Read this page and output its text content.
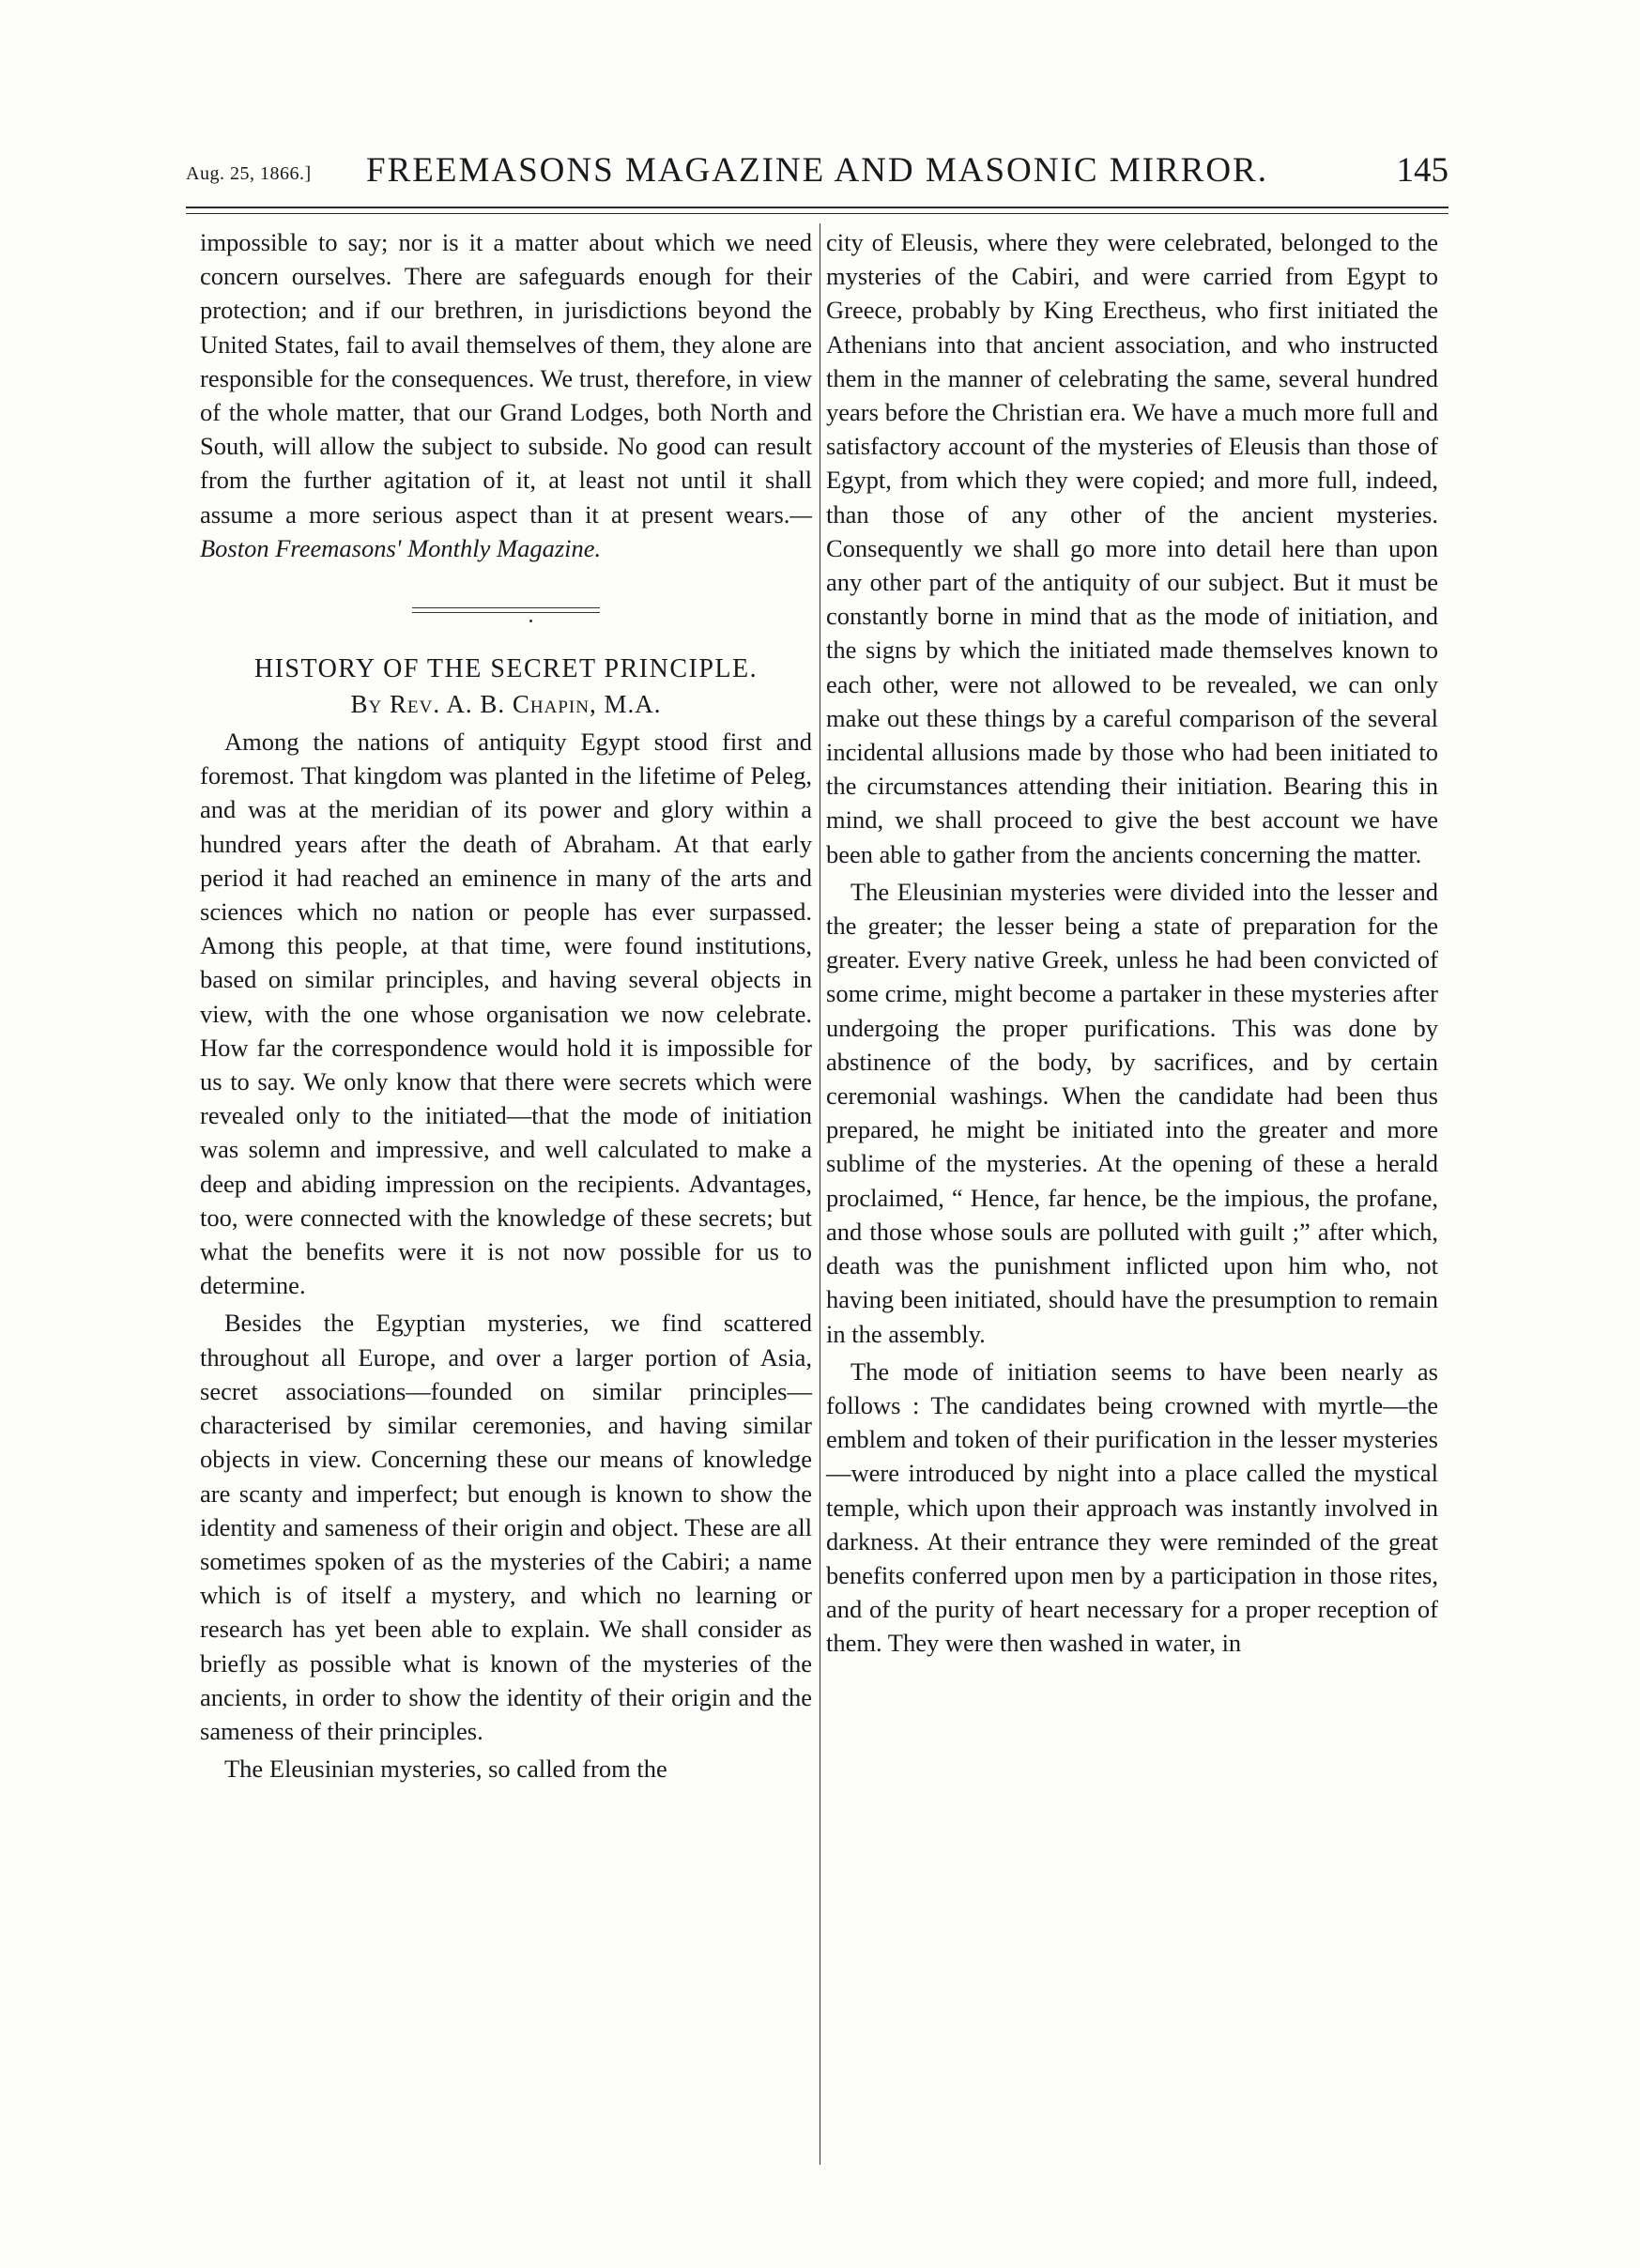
Aug. 25, 1866.]	FREEMASONS MAGAZINE AND MASONIC MIRROR.	145

impossible to say; nor is it a matter about which we need concern ourselves. There are safeguards enough for their protection; and if our brethren, in jurisdictions beyond the United States, fail to avail themselves of them, they alone are responsible for the consequences. We trust, therefore, in view of the whole matter, that our Grand Lodges, both North and South, will allow the subject to subside. No good can result from the further agitation of it, at least not until it shall assume a more serious aspect than it at present wears.—Boston Freemasons' Monthly Magazine.

HISTORY OF THE SECRET PRINCIPLE.

By Rev. A. B. Chapin, M.A.

Among the nations of antiquity Egypt stood first and foremost. That kingdom was planted in the lifetime of Peleg, and was at the meridian of its power and glory within a hundred years after the death of Abraham. At that early period it had reached an eminence in many of the arts and sciences which no nation or people has ever surpassed. Among this people, at that time, were found institutions, based on similar principles, and having several objects in view, with the one whose organisation we now celebrate. How far the correspondence would hold it is impossible for us to say. We only know that there were secrets which were revealed only to the initiated—that the mode of initiation was solemn and impressive, and well calculated to make a deep and abiding impression on the recipients. Advantages, too, were connected with the knowledge of these secrets; but what the benefits were it is not now possible for us to determine.

Besides the Egyptian mysteries, we find scattered throughout all Europe, and over a larger portion of Asia, secret associations—founded on similar principles—characterised by similar ceremonies, and having similar objects in view. Concerning these our means of knowledge are scanty and imperfect; but enough is known to show the identity and sameness of their origin and object. These are all sometimes spoken of as the mysteries of the Cabiri; a name which is of itself a mystery, and which no learning or research has yet been able to explain. We shall consider as briefly as possible what is known of the mysteries of the ancients, in order to show the identity of their origin and the sameness of their principles.

The Eleusinian mysteries, so called from the

city of Eleusis, where they were celebrated, belonged to the mysteries of the Cabiri, and were carried from Egypt to Greece, probably by King Erectheus, who first initiated the Athenians into that ancient association, and who instructed them in the manner of celebrating the same, several hundred years before the Christian era. We have a much more full and satisfactory account of the mysteries of Eleusis than those of Egypt, from which they were copied; and more full, indeed, than those of any other of the ancient mysteries. Consequently we shall go more into detail here than upon any other part of the antiquity of our subject. But it must be constantly borne in mind that as the mode of initiation, and the signs by which the initiated made themselves known to each other, were not allowed to be revealed, we can only make out these things by a careful comparison of the several incidental allusions made by those who had been initiated to the circumstances attending their initiation. Bearing this in mind, we shall proceed to give the best account we have been able to gather from the ancients concerning the matter.

The Eleusinian mysteries were divided into the lesser and the greater; the lesser being a state of preparation for the greater. Every native Greek, unless he had been convicted of some crime, might become a partaker in these mysteries after undergoing the proper purifications. This was done by abstinence of the body, by sacrifices, and by certain ceremonial washings. When the candidate had been thus prepared, he might be initiated into the greater and more sublime of the mysteries. At the opening of these a herald proclaimed, “ Hence, far hence, be the impious, the profane, and those whose souls are polluted with guilt ;” after which, death was the punishment inflicted upon him who, not having been initiated, should have the presumption to remain in the assembly.

The mode of initiation seems to have been nearly as follows : The candidates being crowned with myrtle—the emblem and token of their purification in the lesser mysteries—were introduced by night into a place called the mystical temple, which upon their approach was instantly involved in darkness. At their entrance they were reminded of the great benefits conferred upon men by a participation in those rites, and of the purity of heart necessary for a proper reception of them. They were then washed in water, in
